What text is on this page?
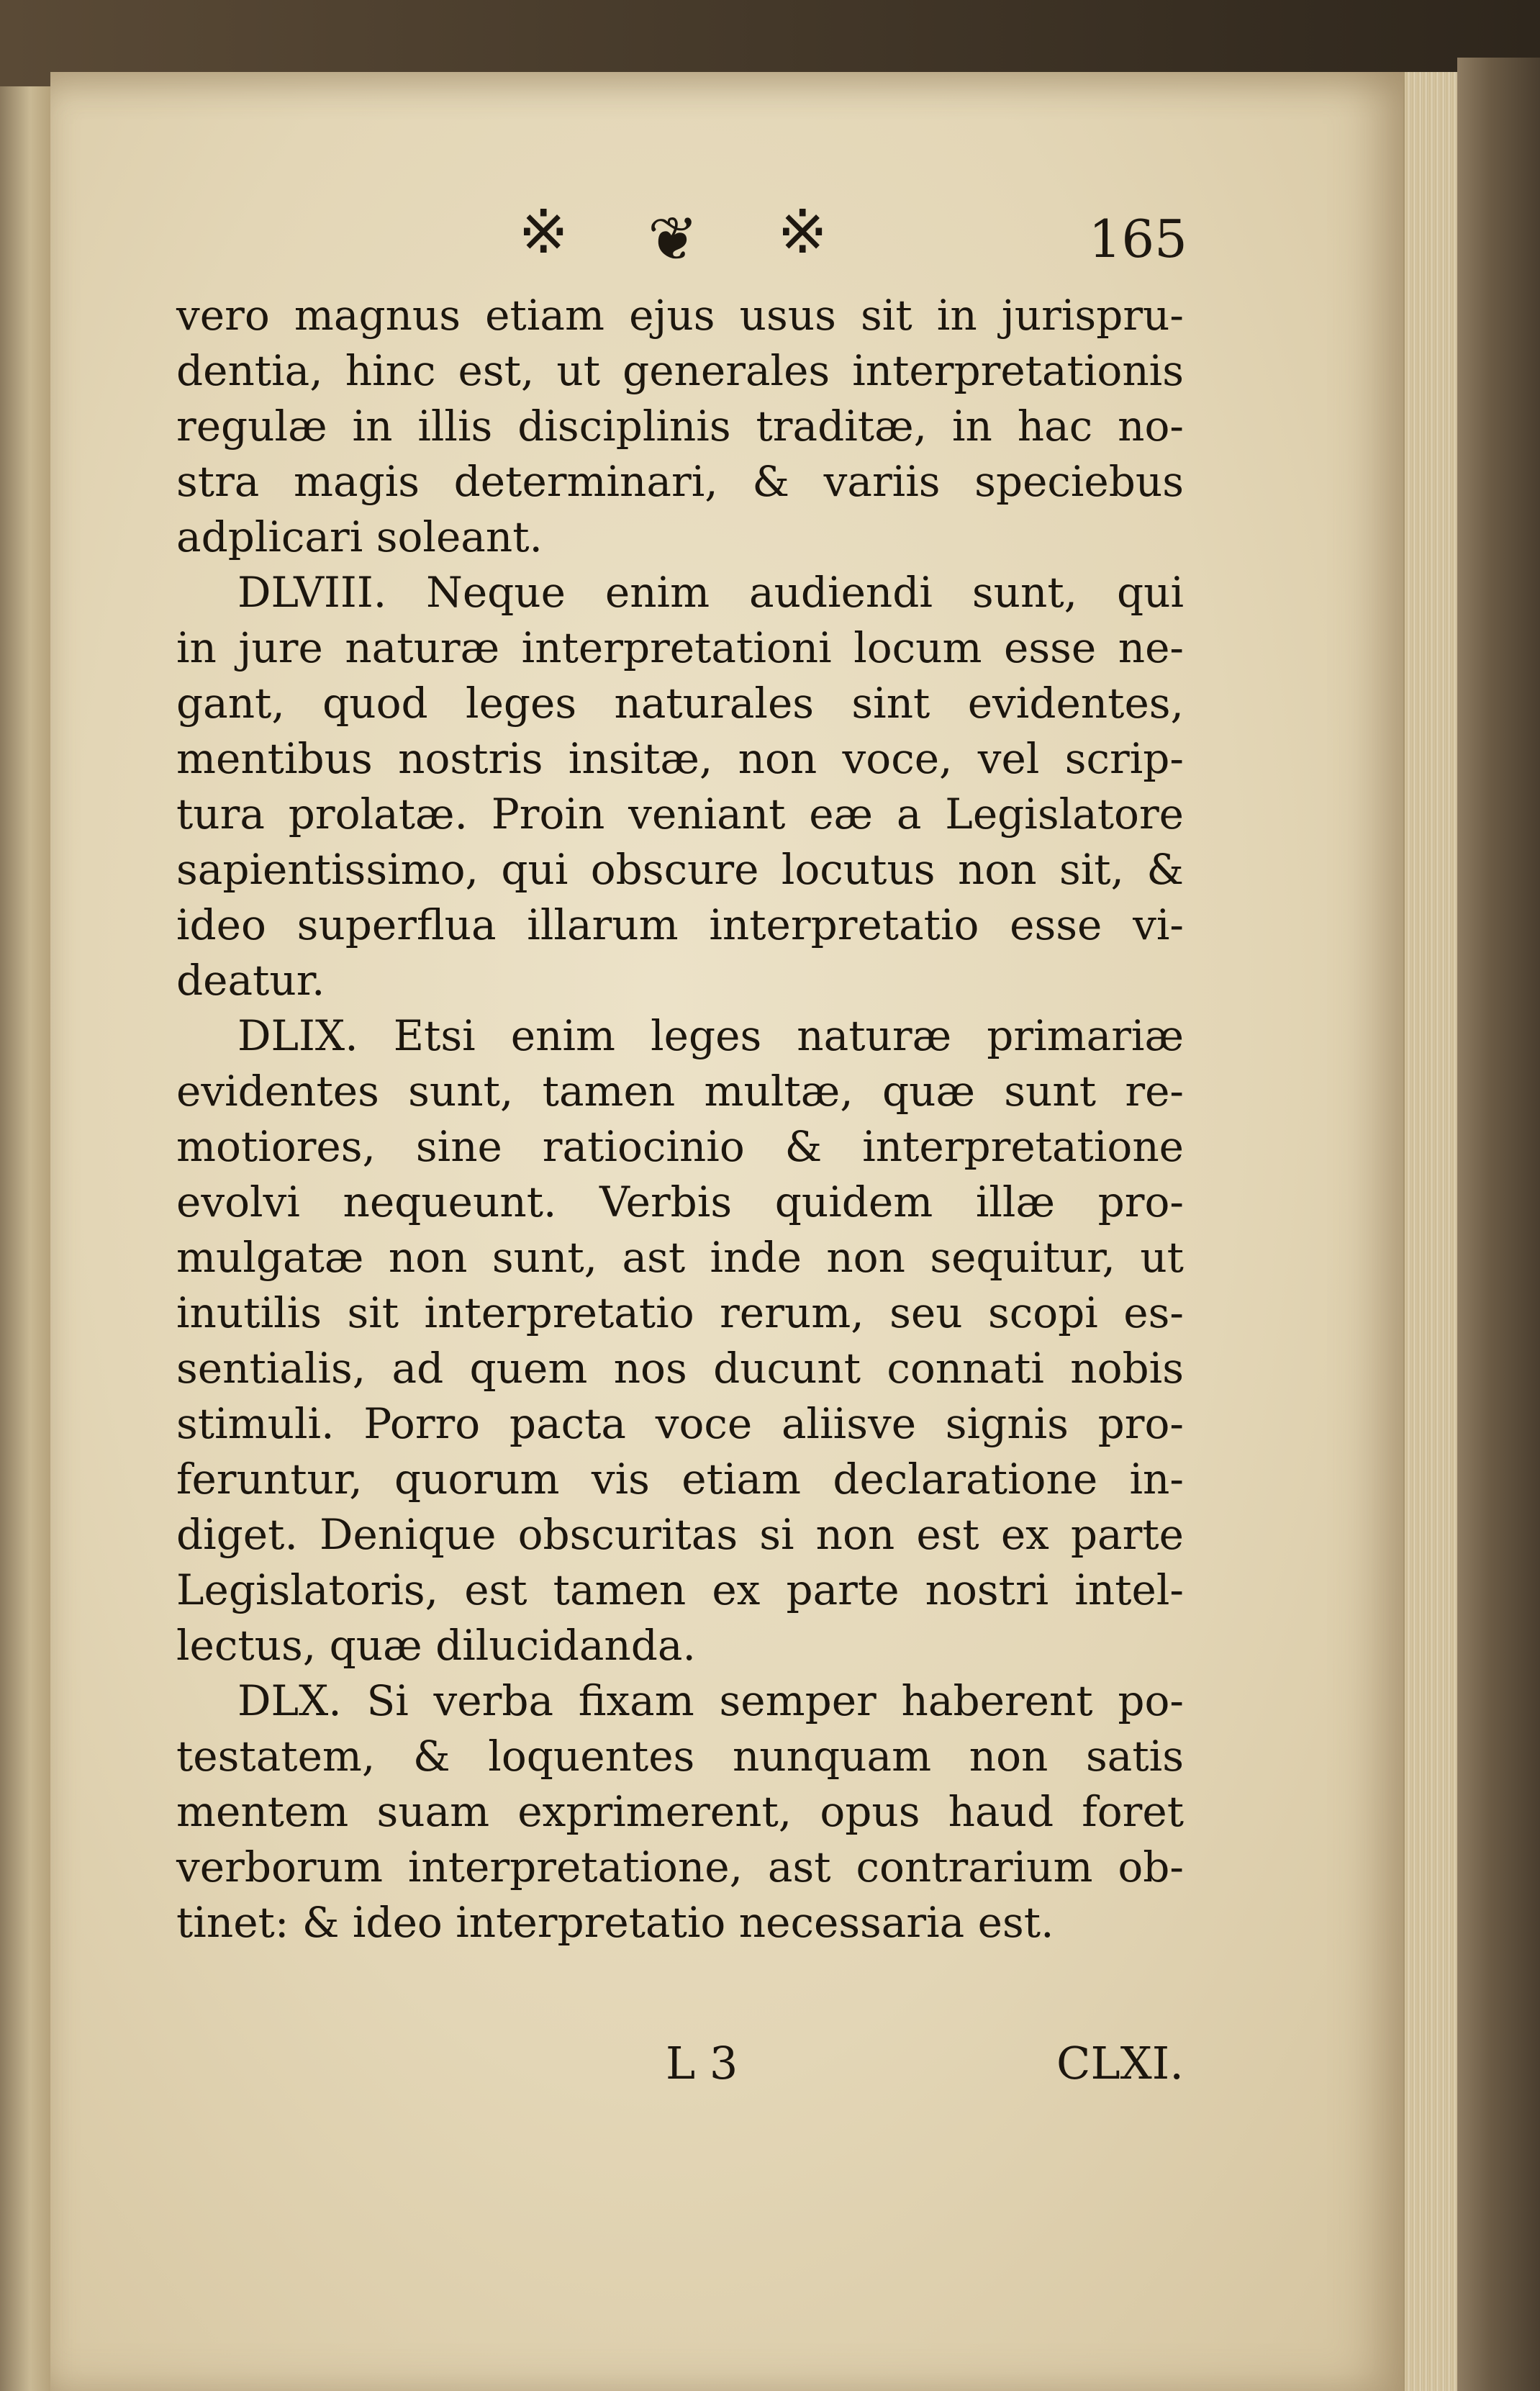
※ ❦ ※	165
vero magnus etiam ejus usus sit in jurispru-
dentia, hinc est, ut generales interpretationis
regulæ in illis disciplinis traditæ, in hac no-
stra magis determinari, & variis speciebus
adplicari soleant.
DLVIII. Neque enim audiendi sunt, qui
in jure naturæ interpretationi locum esse ne-
gant, quod leges naturales sint evidentes,
mentibus nostris insitæ, non voce, vel scrip-
tura prolatæ. Proin veniant eæ a Legislatore
sapientissimo, qui obscure locutus non sit, &
ideo superflua illarum interpretatio esse vi-
deatur.
DLIX. Etsi enim leges naturæ primariæ
evidentes sunt, tamen multæ, quæ sunt re-
motiores, sine ratiocinio & interpretatione
evolvi nequeunt. Verbis quidem illæ pro-
mulgatæ non sunt, ast inde non sequitur, ut
inutilis sit interpretatio rerum, seu scopi es-
sentialis, ad quem nos ducunt connati nobis
stimuli. Porro pacta voce aliisve signis pro-
feruntur, quorum vis etiam declaratione in-
diget. Denique obscuritas si non est ex parte
Legislatoris, est tamen ex parte nostri intel-
lectus, quæ dilucidanda.
DLX. Si verba fixam semper haberent po-
testatem, & loquentes nunquam non satis
mentem suam exprimerent, opus haud foret
verborum interpretatione, ast contrarium ob-
tinet: & ideo interpretatio necessaria est.
L 3	CLXI.
